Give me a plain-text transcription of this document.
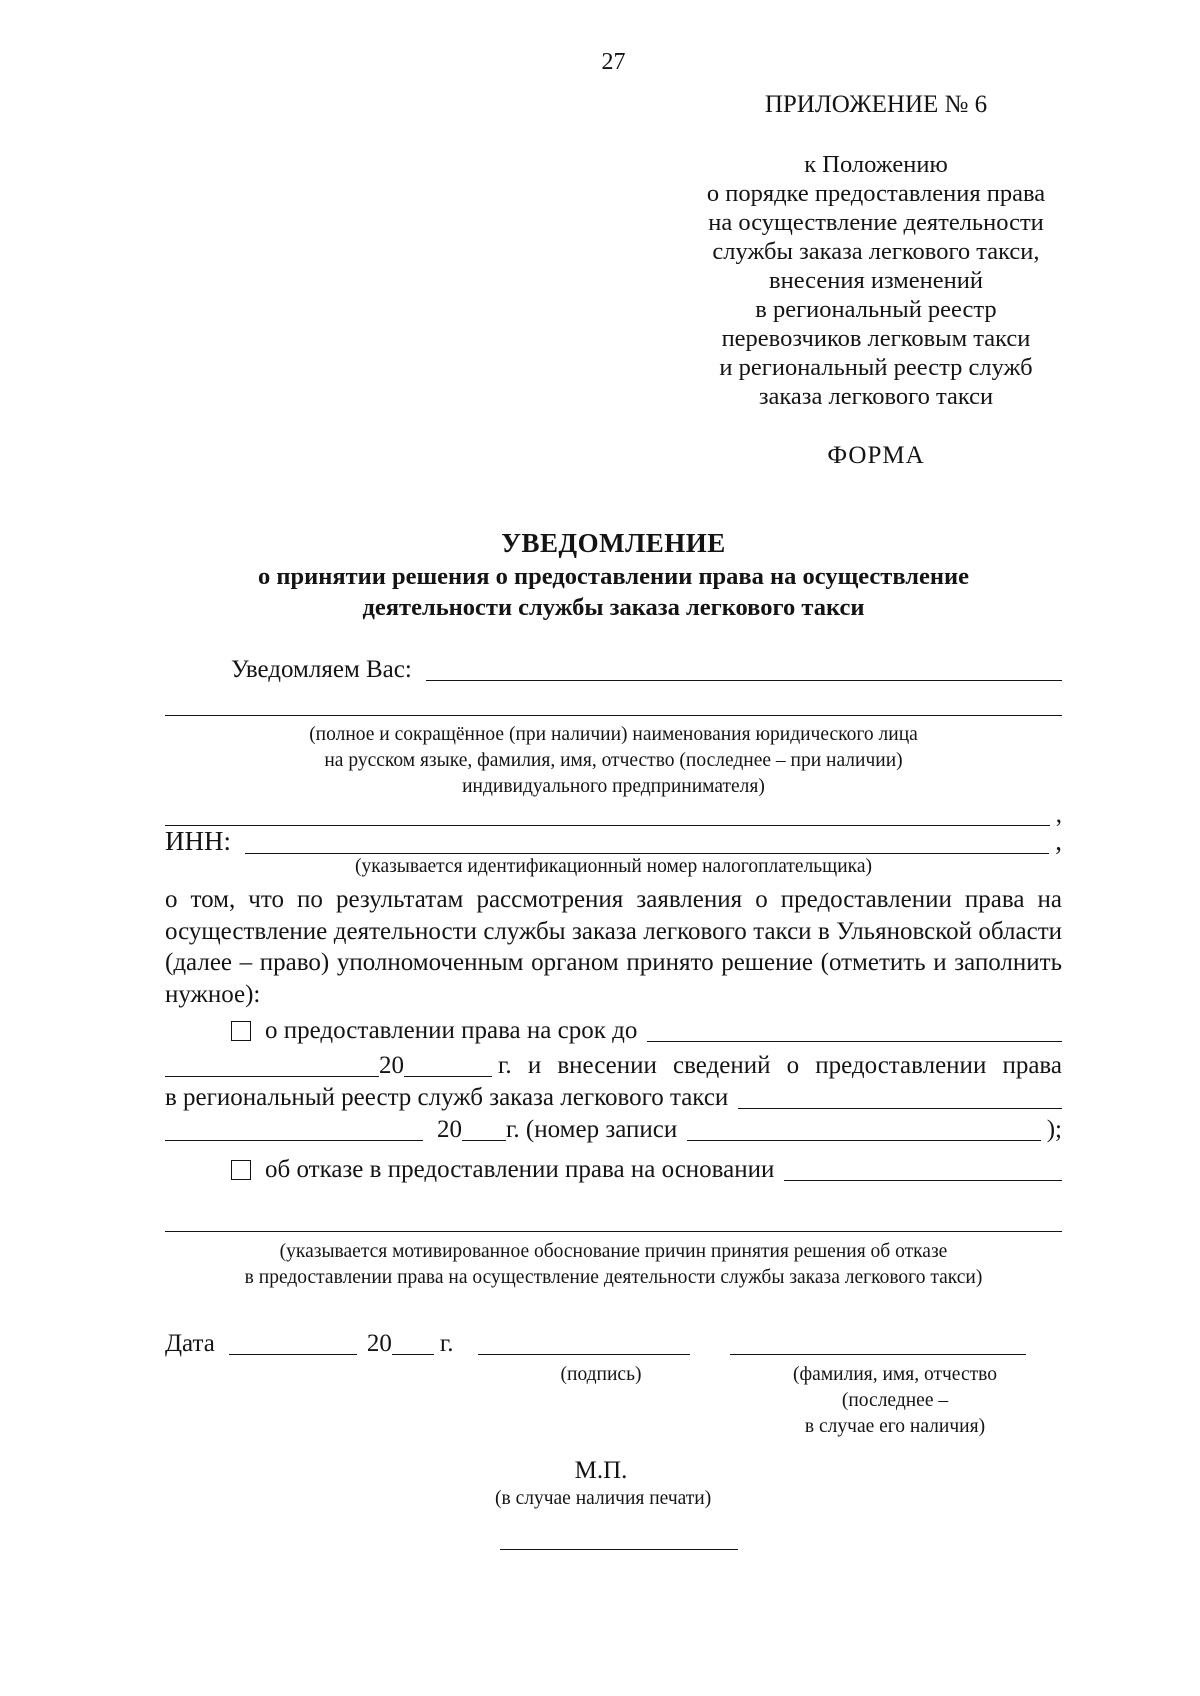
27
ПРИЛОЖЕНИЕ № 6
к Положению
о порядке предоставления права
на осуществление деятельности
службы заказа легкового такси,
внесения изменений
в региональный реестр
перевозчиков легковым такси
и региональный реестр служб
заказа легкового такси
ФОРМА
УВЕДОМЛЕНИЕ
о принятии решения о предоставлении права на осуществление
деятельности службы заказа легкового такси
Уведомляем Вас:
(полное и сокращённое (при наличии) наименования юридического лица
на русском языке, фамилия, имя, отчество (последнее – при наличии)
индивидуального предпринимателя)
,
ИНН:	,
(указывается идентификационный номер налогоплательщика)
о том, что по результатам рассмотрения заявления о предоставлении права на осуществление деятельности службы заказа легкового такси в Ульяновской области (далее – право) уполномоченным органом принято решение (отметить и заполнить нужное):
о предоставлении права на срок до
20	г. и внесении сведений о предоставлении права
в региональный реестр служб заказа легкового такси
20 г. (номер записи	);
об отказе в предоставлении права на основании
(указывается мотивированное обоснование причин принятия решения об отказе
в предоставлении права на осуществление деятельности службы заказа легкового такси)
Дата	20 г.
(подпись)	(фамилия, имя, отчество (последнее –
в случае его наличия)
М.П.
(в случае наличия печати)
